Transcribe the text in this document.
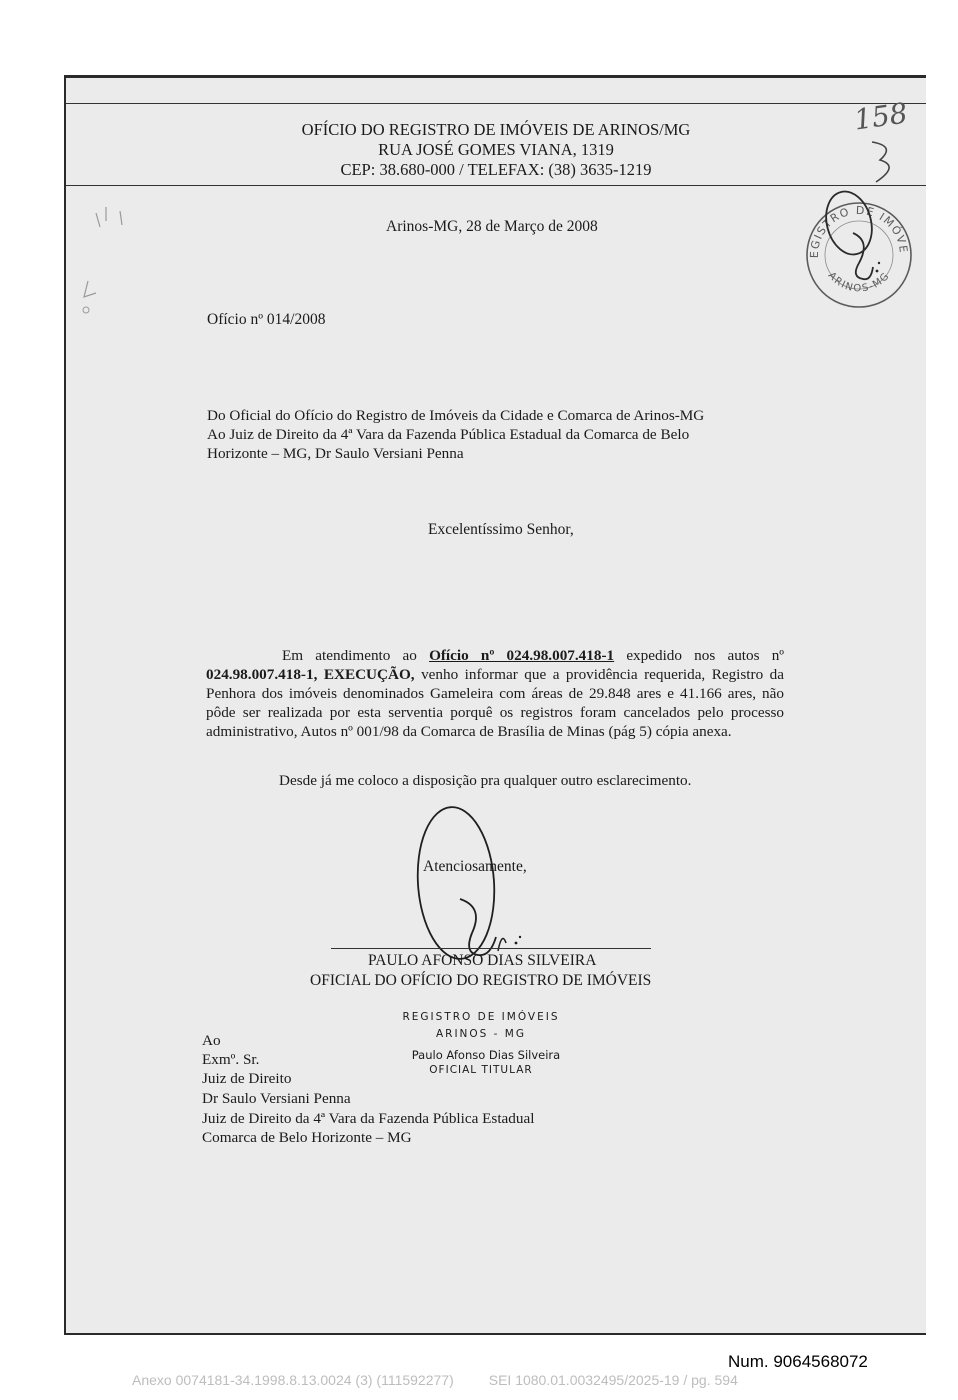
OFÍCIO DO REGISTRO DE IMÓVEIS DE ARINOS/MG
RUA JOSÉ GOMES VIANA, 1319
CEP: 38.680-000 / TELEFAX: (38) 3635-1219
158
REGISTRO DE IMÓVEIS
ARINOS-MG
Arinos-MG, 28 de Março de 2008
Ofício nº 014/2008
Do Oficial do Ofício do Registro de Imóveis da Cidade e Comarca de Arinos-MG
Ao Juiz de Direito da 4ª Vara da Fazenda Pública Estadual da Comarca de Belo
Horizonte – MG, Dr Saulo Versiani Penna
Excelentíssimo Senhor,
Em atendimento ao Ofício nº 024.98.007.418-1 expedido nos autos nº 024.98.007.418-1, EXECUÇÃO, venho informar que a providência requerida, Registro da Penhora dos imóveis denominados Gameleira com áreas de 29.848 ares e 41.166 ares, não pôde ser realizada por esta serventia porquê os registros foram cancelados pelo processo administrativo, Autos nº 001/98 da Comarca de Brasília de Minas (pág 5) cópia anexa.
Desde já me coloco a disposição pra qualquer outro esclarecimento.
Atenciosamente,
PAULO AFONSO DIAS SILVEIRA
OFICIAL DO OFÍCIO DO REGISTRO DE IMÓVEIS
REGISTRO DE IMÓVEIS
ARINOS - MG
Paulo Afonso Dias Silveira
OFICIAL TITULAR
Ao
Exmº. Sr.
Juiz de Direito
Dr Saulo Versiani Penna
Juiz de Direito da 4ª Vara da Fazenda Pública Estadual
Comarca de Belo Horizonte – MG
Num. 9064568072
Anexo 0074181-34.1998.8.13.0024 (3) (111592277)         SEI 1080.01.0032495/2025-19 / pg. 594
